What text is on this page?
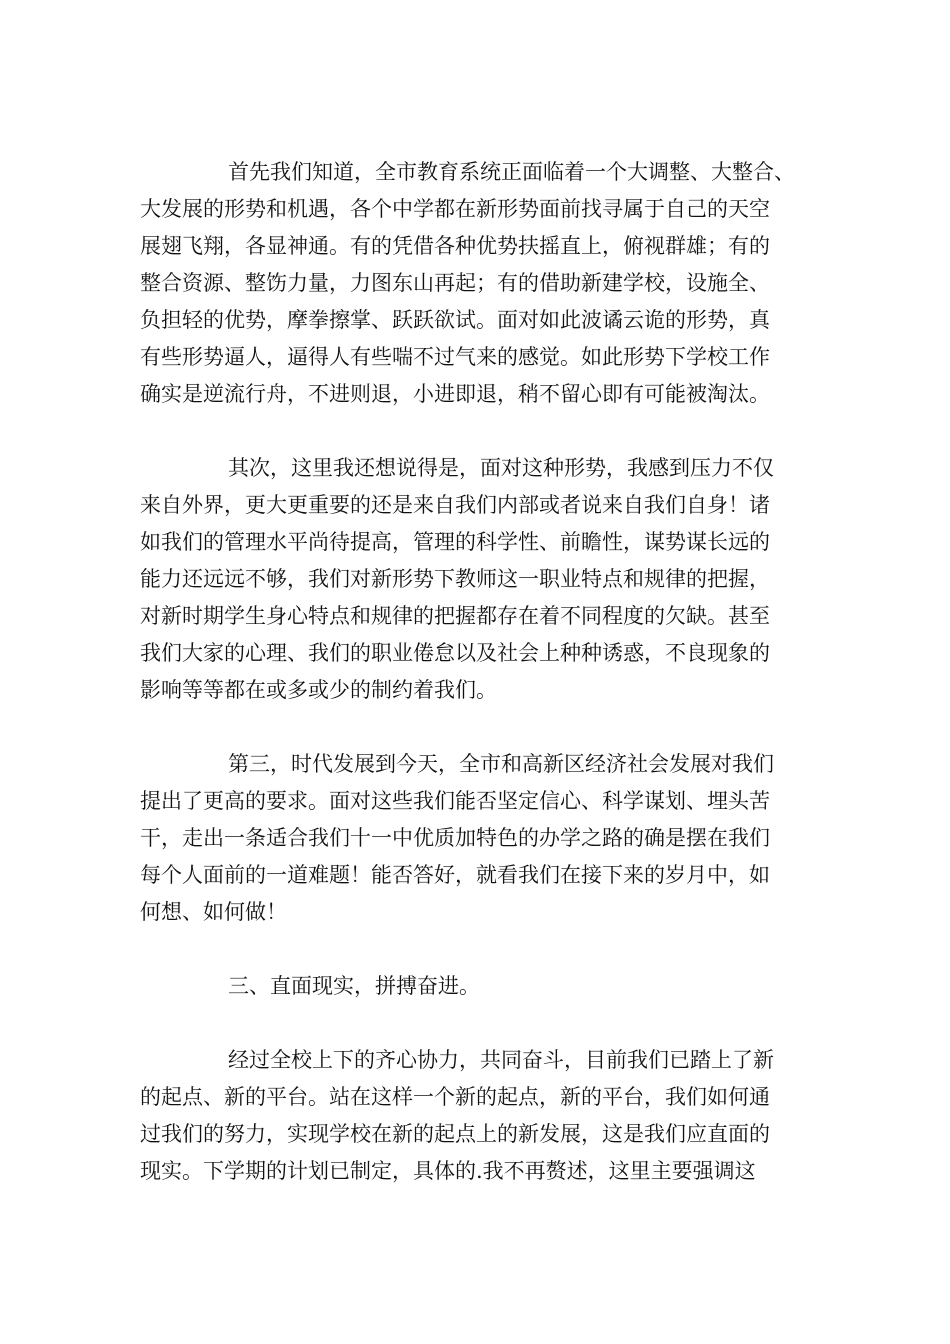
首先我们知道，全市教育系统正面临着一个大调整、大整合、
大发展的形势和机遇，各个中学都在新形势面前找寻属于自己的天空
展翅飞翔，各显神通。有的凭借各种优势扶摇直上，俯视群雄；有的
整合资源、整饬力量，力图东山再起；有的借助新建学校，设施全、
负担轻的优势，摩拳擦掌、跃跃欲试。面对如此波谲云诡的形势，真
有些形势逼人，逼得人有些喘不过气来的感觉。如此形势下学校工作
确实是逆流行舟，不进则退，小进即退，稍不留心即有可能被淘汰。
其次，这里我还想说得是，面对这种形势，我感到压力不仅
来自外界，更大更重要的还是来自我们内部或者说来自我们自身！诸
如我们的管理水平尚待提高，管理的科学性、前瞻性，谋势谋长远的
能力还远远不够，我们对新形势下教师这一职业特点和规律的把握，
对新时期学生身心特点和规律的把握都存在着不同程度的欠缺。甚至
我们大家的心理、我们的职业倦怠以及社会上种种诱惑，不良现象的
影响等等都在或多或少的制约着我们。
第三，时代发展到今天，全市和高新区经济社会发展对我们
提出了更高的要求。面对这些我们能否坚定信心、科学谋划、埋头苦
干，走出一条适合我们十一中优质加特色的办学之路的确是摆在我们
每个人面前的一道难题！能否答好，就看我们在接下来的岁月中，如
何想、如何做！
三、直面现实，拼搏奋进。
经过全校上下的齐心协力，共同奋斗，目前我们已踏上了新
的起点、新的平台。站在这样一个新的起点，新的平台，我们如何通
过我们的努力，实现学校在新的起点上的新发展，这是我们应直面的
现实。下学期的计划已制定，具体的.我不再赘述，这里主要强调这
